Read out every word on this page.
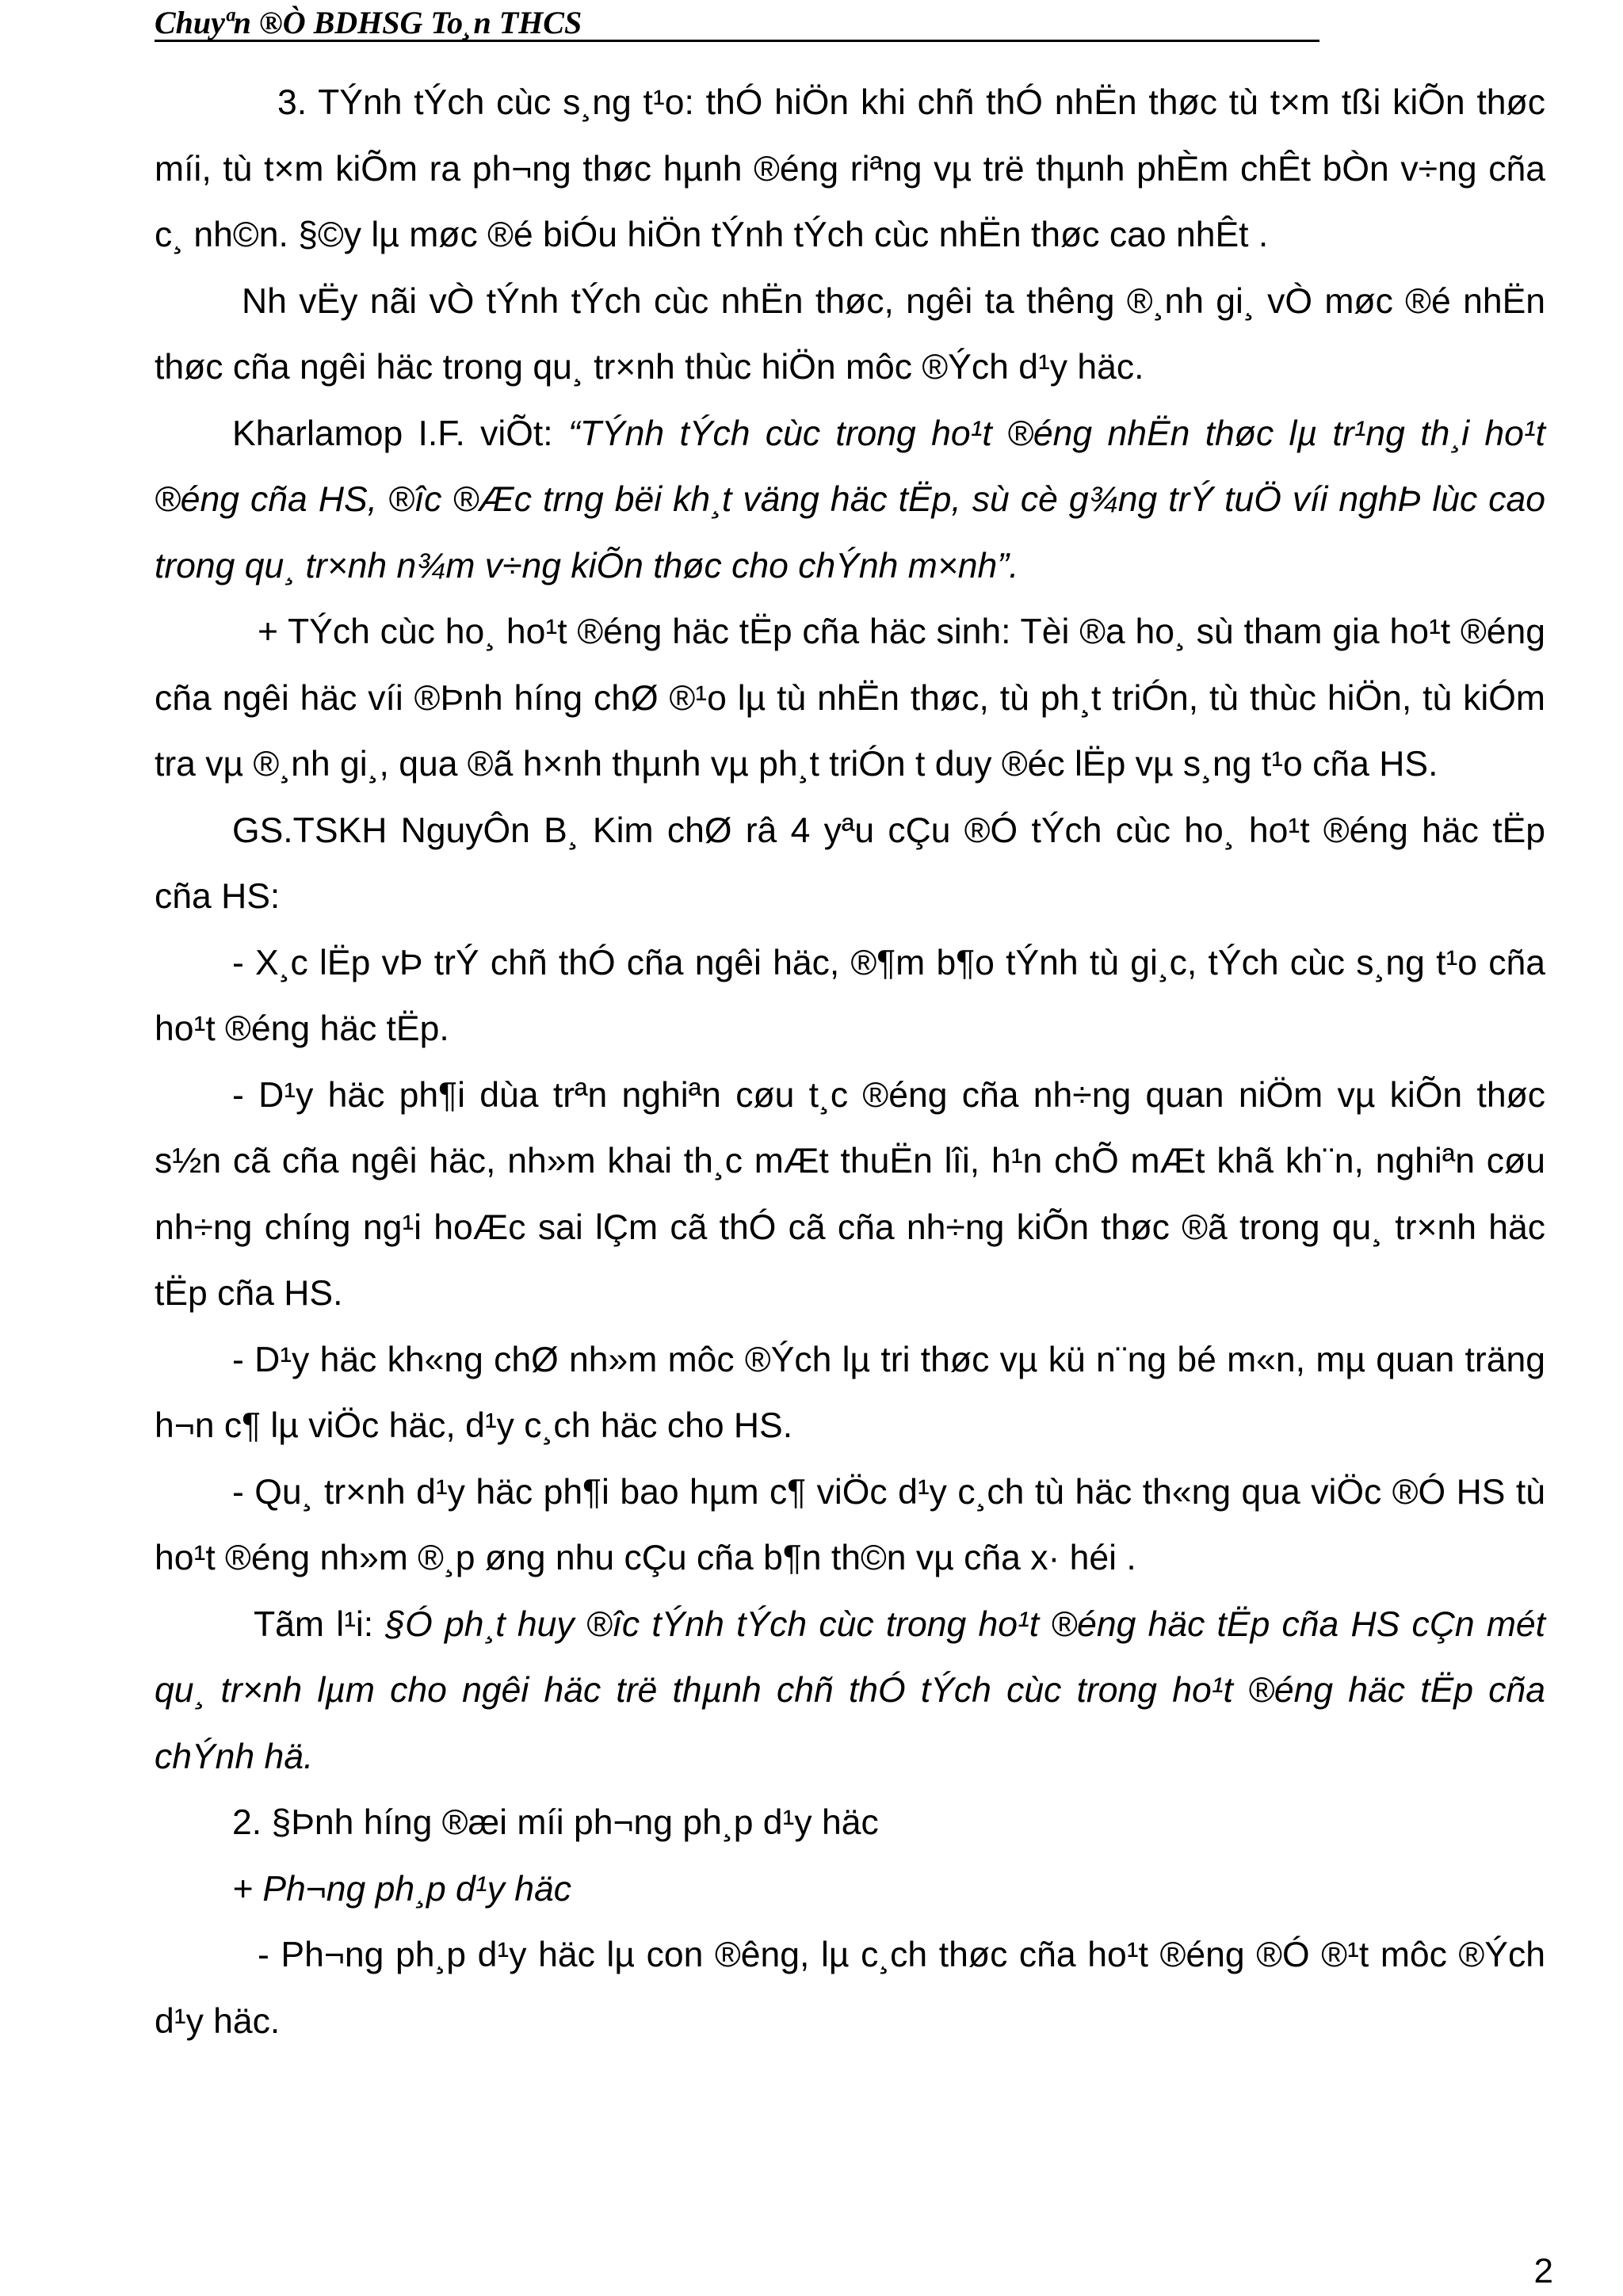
Chuyªn ®Ò BDHSG To¸n THCS

3. TÝnh tÝch cùc s¸ng t¹o: thÓ hiÖn khi chñ thÓ nhËn thøc tù t×m tßi kiÕn thøc míi, tù t×m kiÕm ra ph¬ng thøc hµnh ®éng riªng vµ trë thµnh phÈm chÊt bÒn v÷ng cña c¸ nh©n. §©y lµ møc ®é biÓu hiÖn tÝnh tÝch cùc nhËn thøc cao nhÊt .

Nh vËy nãi vÒ tÝnh tÝch cùc nhËn thøc, ngêi ta thêng ®¸nh gi¸ vÒ møc ®é nhËn thøc cña ngêi häc trong qu¸ tr×nh thùc hiÖn môc ®Ých d¹y häc.

Kharlamop I.F. viÕt: “TÝnh tÝch cùc trong ho¹t ®éng nhËn thøc lµ tr¹ng th¸i ho¹t ®éng cña HS, ®îc ®Æc trng bëi kh¸t väng häc tËp, sù cè g¾ng trÝ tuÖ víi nghÞ lùc cao trong qu¸ tr×nh n¾m v÷ng kiÕn thøc cho chÝnh m×nh”.

+ TÝch cùc ho¸ ho¹t ®éng häc tËp cña häc sinh: Tèi ®a ho¸ sù tham gia ho¹t ®éng cña ngêi häc víi ®Þnh híng chØ ®¹o lµ tù nhËn thøc, tù ph¸t triÓn, tù thùc hiÖn, tù kiÓm tra vµ ®¸nh gi¸, qua ®ã h×nh thµnh vµ ph¸t triÓn t duy ®éc lËp vµ s¸ng t¹o cña HS.

GS.TSKH NguyÔn B¸ Kim chØ râ 4 yªu cÇu ®Ó tÝch cùc ho¸ ho¹t ®éng häc tËp cña HS:

- X¸c lËp vÞ trÝ chñ thÓ cña ngêi häc, ®¶m b¶o tÝnh tù gi¸c, tÝch cùc s¸ng t¹o cña ho¹t ®éng häc tËp.

- D¹y häc ph¶i dùa trªn nghiªn cøu t¸c ®éng cña nh÷ng quan niÖm vµ kiÕn thøc s½n cã cña ngêi häc, nh»m khai th¸c mÆt thuËn lîi, h¹n chÕ mÆt khã kh¨n, nghiªn cøu nh÷ng chíng ng¹i hoÆc sai lÇm cã thÓ cã cña nh÷ng kiÕn thøc ®ã trong qu¸ tr×nh häc tËp cña HS.

- D¹y häc kh«ng chØ nh»m môc ®Ých lµ tri thøc vµ kü n¨ng bé m«n, mµ quan träng h¬n c¶ lµ viÖc häc, d¹y c¸ch häc cho HS.

- Qu¸ tr×nh d¹y häc ph¶i bao hµm c¶ viÖc d¹y c¸ch tù häc th«ng qua viÖc ®Ó HS tù ho¹t ®éng nh»m ®¸p øng nhu cÇu cña b¶n th©n vµ cña x· héi .

Tãm l¹i: §Ó ph¸t huy ®îc tÝnh tÝch cùc trong ho¹t ®éng häc tËp cña HS cÇn mét qu¸ tr×nh lµm cho ngêi häc trë thµnh chñ thÓ tÝch cùc trong ho¹t ®éng häc tËp cña chÝnh hä.

2. §Þnh híng ®æi míi ph¬ng ph¸p d¹y häc

+ Ph¬ng ph¸p d¹y häc

- Ph¬ng ph¸p d¹y häc lµ con ®êng, lµ c¸ch thøc cña ho¹t ®éng ®Ó ®¹t môc ®Ých d¹y häc.

2
